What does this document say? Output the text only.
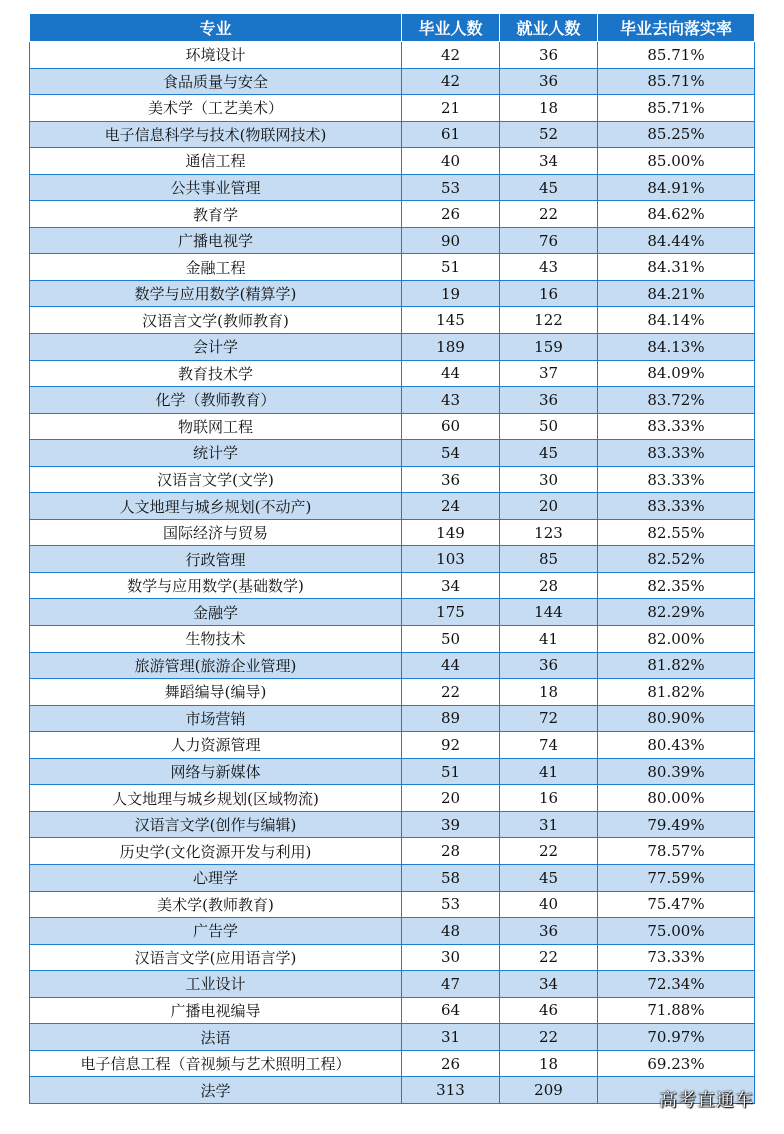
专业	毕业人数	就业人数	毕业去向落实率
环境设计	42	36	85.71%
食品质量与安全	42	36	85.71%
美术学（工艺美术）	21	18	85.71%
电子信息科学与技术(物联网技术)	61	52	85.25%
通信工程	40	34	85.00%
公共事业管理	53	45	84.91%
教育学	26	22	84.62%
广播电视学	90	76	84.44%
金融工程	51	43	84.31%
数学与应用数学(精算学)	19	16	84.21%
汉语言文学(教师教育)	145	122	84.14%
会计学	189	159	84.13%
教育技术学	44	37	84.09%
化学（教师教育）	43	36	83.72%
物联网工程	60	50	83.33%
统计学	54	45	83.33%
汉语言文学(文学)	36	30	83.33%
人文地理与城乡规划(不动产)	24	20	83.33%
国际经济与贸易	149	123	82.55%
行政管理	103	85	82.52%
数学与应用数学(基础数学)	34	28	82.35%
金融学	175	144	82.29%
生物技术	50	41	82.00%
旅游管理(旅游企业管理)	44	36	81.82%
舞蹈编导(编导)	22	18	81.82%
市场营销	89	72	80.90%
人力资源管理	92	74	80.43%
网络与新媒体	51	41	80.39%
人文地理与城乡规划(区域物流)	20	16	80.00%
汉语言文学(创作与编辑)	39	31	79.49%
历史学(文化资源开发与利用)	28	22	78.57%
心理学	58	45	77.59%
美术学(教师教育)	53	40	75.47%
广告学	48	36	75.00%
汉语言文学(应用语言学)	30	22	73.33%
工业设计	47	34	72.34%
广播电视编导	64	46	71.88%
法语	31	22	70.97%
电子信息工程（音视频与艺术照明工程）	26	18	69.23%
法学	313	209		高考直通车
